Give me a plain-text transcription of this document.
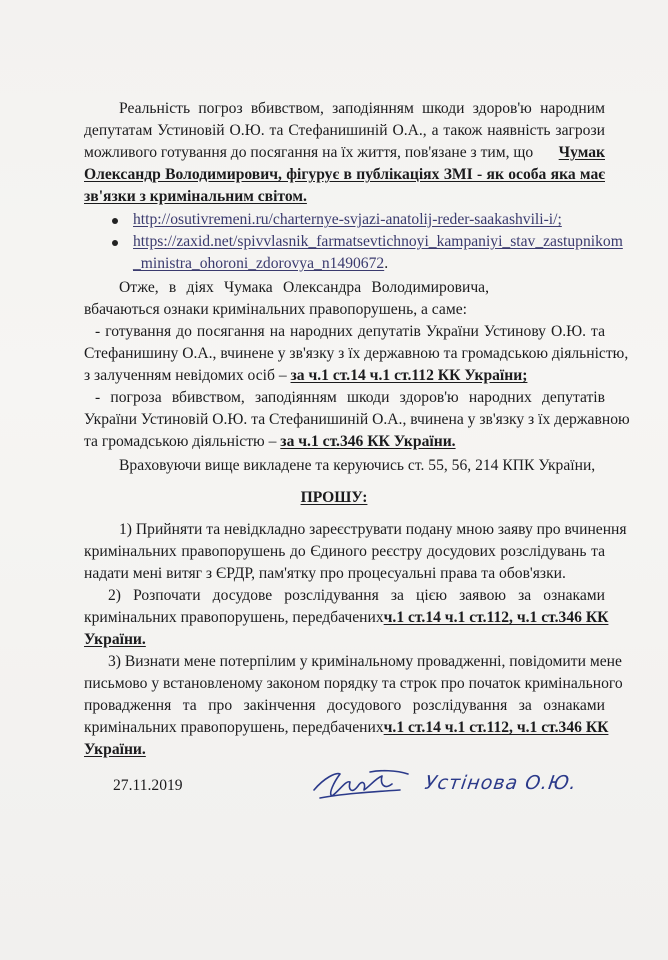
Реальність погроз вбивством, заподіянням шкоди здоров'ю народним
депутатам Устиновій О.Ю. та Стефанишиній О.А., а також наявність загрози
можливого готування до посягання на їх життя, пов'язане з тим, що Чумак
Олександр Володимирович, фігурує в публікаціях ЗМІ - як особа яка має
зв'язки з кримінальним світом.
http://osutivremeni.ru/charternye-svjazi-anatolij-reder-saakashvili-i/;
https://zaxid.net/spivvlasnik_farmatsevtichnoyi_kampaniyi_stav_zastupnikom
_ministra_ohoroni_zdorovya_n1490672.
Отже, в діях Чумака Олександра Володимировича,
вбачаються ознаки кримінальних правопорушень, а саме:
- готування до посягання на народних депутатів України Устинову О.Ю. та
Стефанишину О.А., вчинене у зв'язку з їх державною та громадською діяльністю,
з залученням невідомих осіб – за ч.1 ст.14 ч.1 ст.112 КК України;
- погроза вбивством, заподіянням шкоди здоров'ю народних депутатів
України Устиновій О.Ю. та Стефанишиній О.А., вчинена у зв'язку з їх державною
та громадською діяльністю – за ч.1 ст.346 КК України.
Враховуючи вище викладене та керуючись ст. 55, 56, 214 КПК України,
ПРОШУ:
1) Прийняти та невідкладно зареєструвати подану мною заяву про вчинення
кримінальних правопорушень до Єдиного реєстру досудових розслідувань та
надати мені витяг з ЄРДР, пам'ятку про процесуальні права та обов'язки.
2) Розпочати досудове розслідування за цією заявою за ознаками
кримінальних правопорушень, передбачених ч.1 ст.14 ч.1 ст.112, ч.1 ст.346 КК
України.
3) Визнати мене потерпілим у кримінальному провадженні, повідомити мене
письмово у встановленому законом порядку та строк про початок кримінального
провадження та про закінчення досудового розслідування за ознаками
кримінальних правопорушень, передбачених ч.1 ст.14 ч.1 ст.112, ч.1 ст.346 КК
України.
27.11.2019	Устінова О.Ю.
